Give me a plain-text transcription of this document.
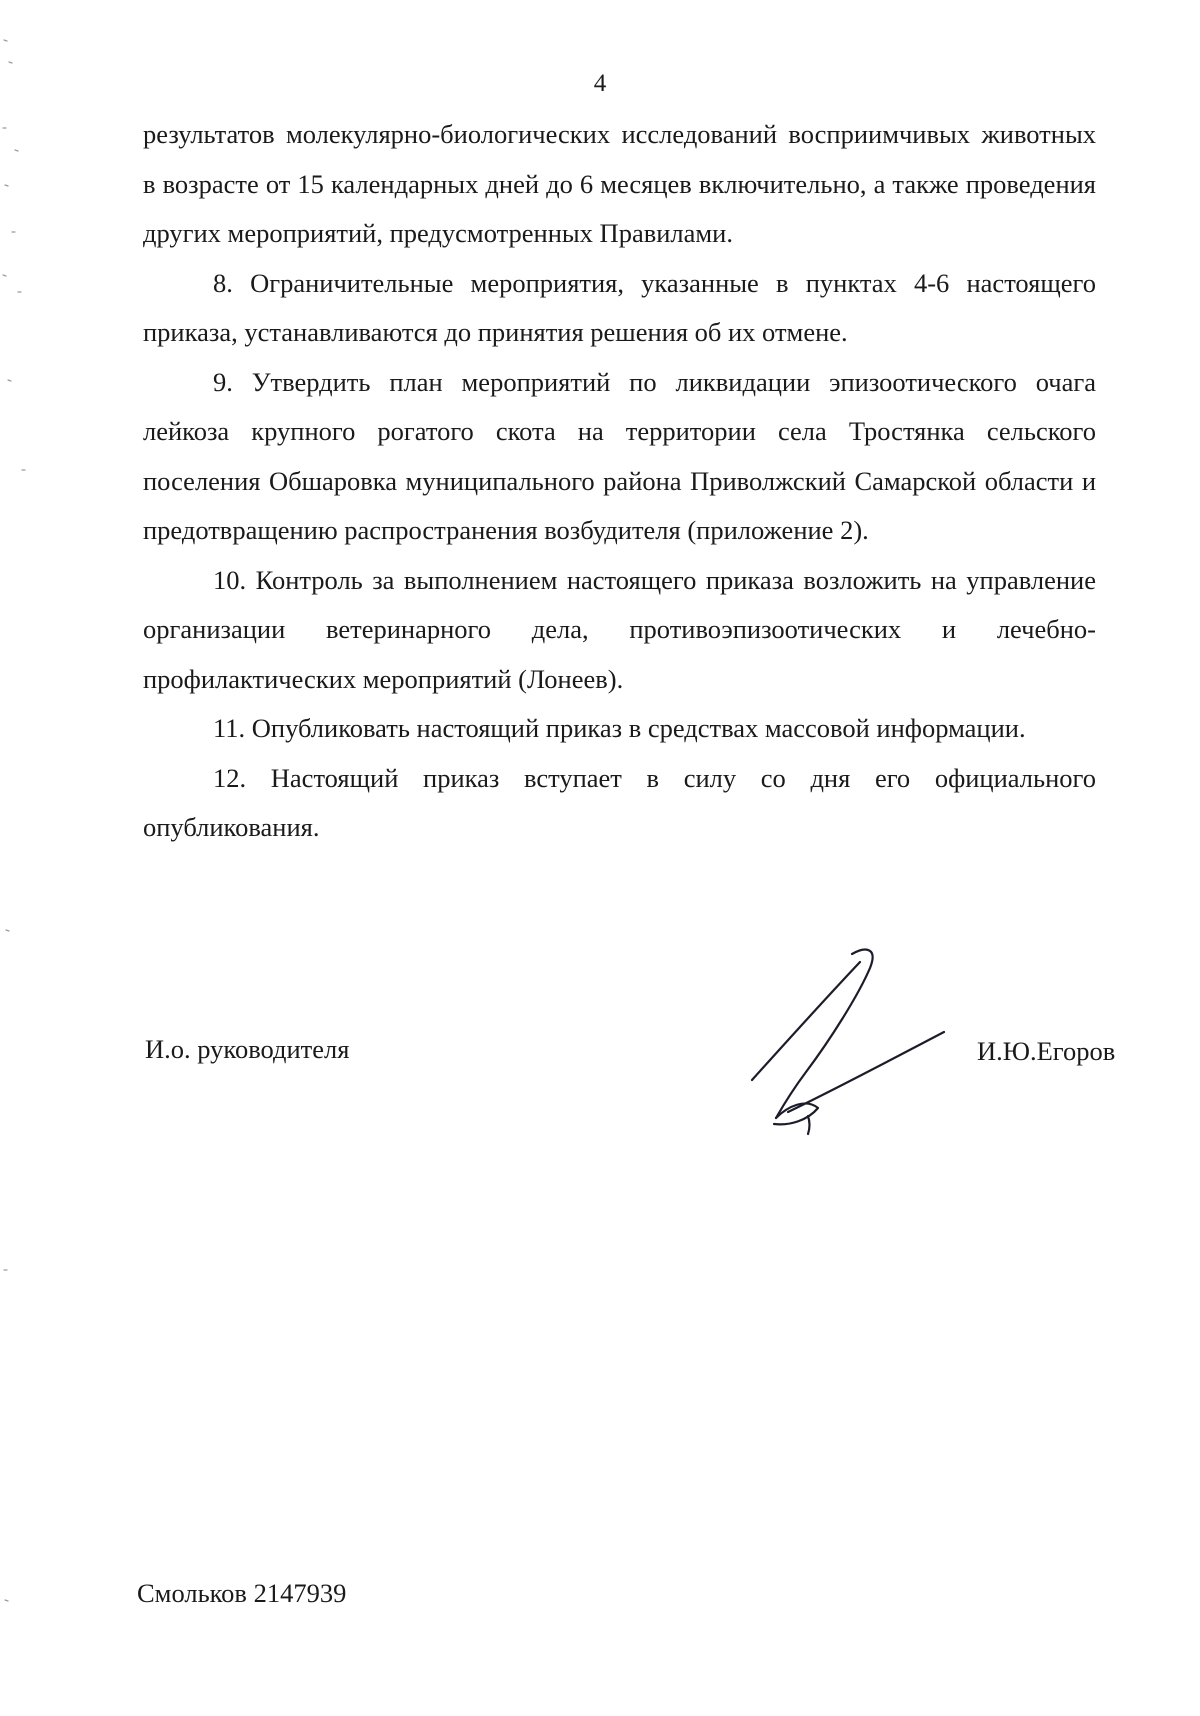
4

результатов молекулярно-биологических исследований восприимчивых животных в возрасте от 15 календарных дней до 6 месяцев включительно, а также проведения других мероприятий, предусмотренных Правилами.

8. Ограничительные мероприятия, указанные в пунктах 4-6 настоящего приказа, устанавливаются до принятия решения об их отмене.

9. Утвердить план мероприятий по ликвидации эпизоотического очага лейкоза крупного рогатого скота на территории села Тростянка сельского поселения Обшаровка муниципального района Приволжский Самарской области и предотвращению распространения возбудителя (приложение 2).

10. Контроль за выполнением настоящего приказа возложить на управление организации ветеринарного дела, противоэпизоотических и лечебно-профилактических мероприятий (Лонеев).

11. Опубликовать настоящий приказ в средствах массовой информации.

12. Настоящий приказ вступает в силу со дня его официального опубликования.

И.о. руководителя	И.Ю.Егоров
Смольков 2147939
